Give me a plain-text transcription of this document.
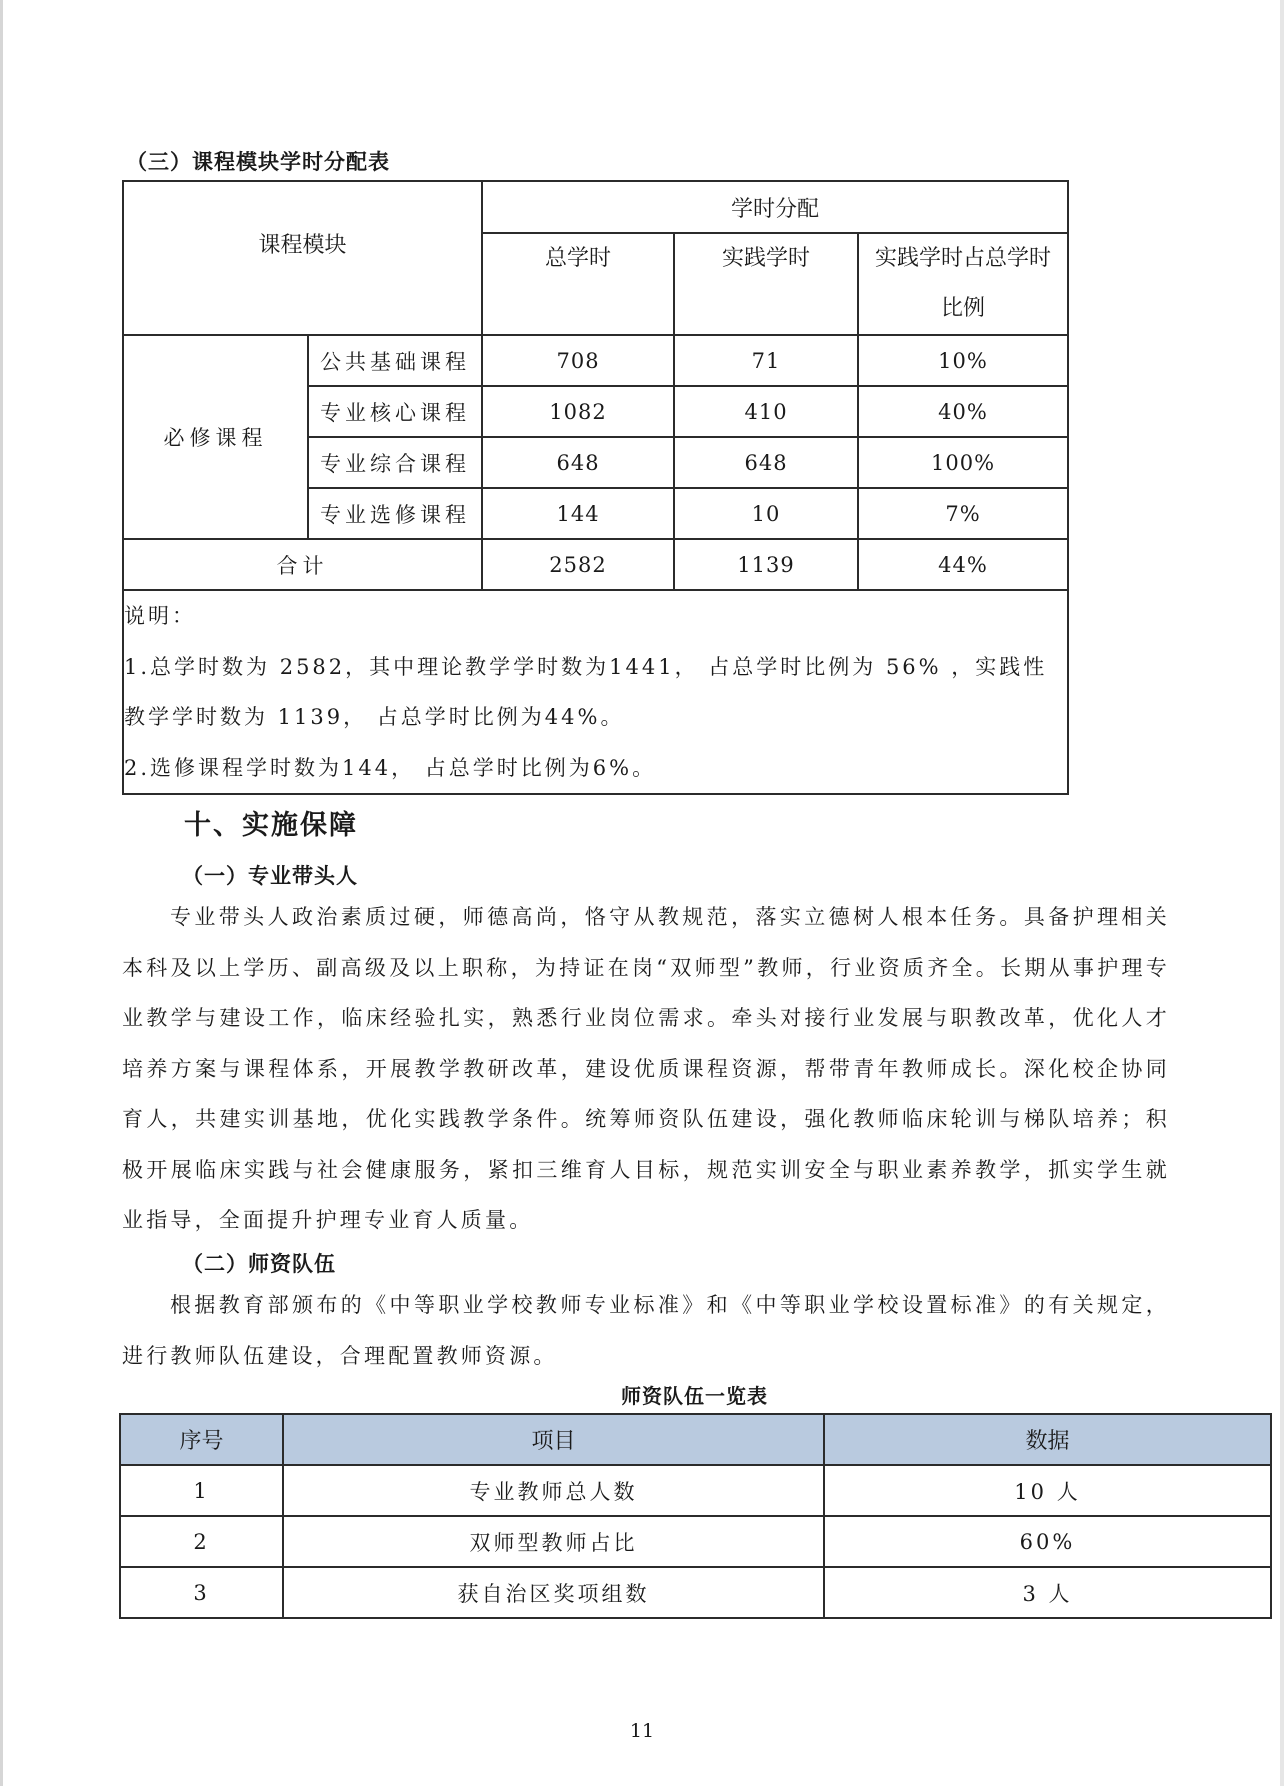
（三）课程模块学时分配表
课程模块		学时分配		
		总学时	实践学时	实践学时占总学时
比例
必修课程	公共基础课程	708	71	10%
	专业核心课程	1082	410	40%
	专业综合课程	648	648	100%
	专业选修课程	144	10	7%
合计		2582	1139	44%

说明：
1.总学时数为 2582，其中理论教学学时数为1441， 占总学时比例为 56% ，实践性
教学学时数为 1139， 占总学时比例为44%。
2.选修课程学时数为144， 占总学时比例为6%。				
十、实施保障
（一）专业带头人
专业带头人政治素质过硬，师德高尚，恪守从教规范，落实立德树人根本任务。具备护理相关本科及以上学历、副高级及以上职称，为持证在岗“双师型”教师，行业资质齐全。长期从事护理专业教学与建设工作，临床经验扎实，熟悉行业岗位需求。牵头对接行业发展与职教改革，优化人才培养方案与课程体系，开展教学教研改革，建设优质课程资源，帮带青年教师成长。深化校企协同育人，共建实训基地，优化实践教学条件。统筹师资队伍建设，强化教师临床轮训与梯队培养；积极开展临床实践与社会健康服务，紧扣三维育人目标，规范实训安全与职业素养教学，抓实学生就业指导，全面提升护理专业育人质量。
（二）师资队伍
根据教育部颁布的《中等职业学校教师专业标准》和《中等职业学校设置标准》的有关规定，进行教师队伍建设，合理配置教师资源。
师资队伍一览表
序号	项目	数据
1	专业教师总人数	10 人
2	双师型教师占比	60%
3	获自治区奖项组数	3 人
11
